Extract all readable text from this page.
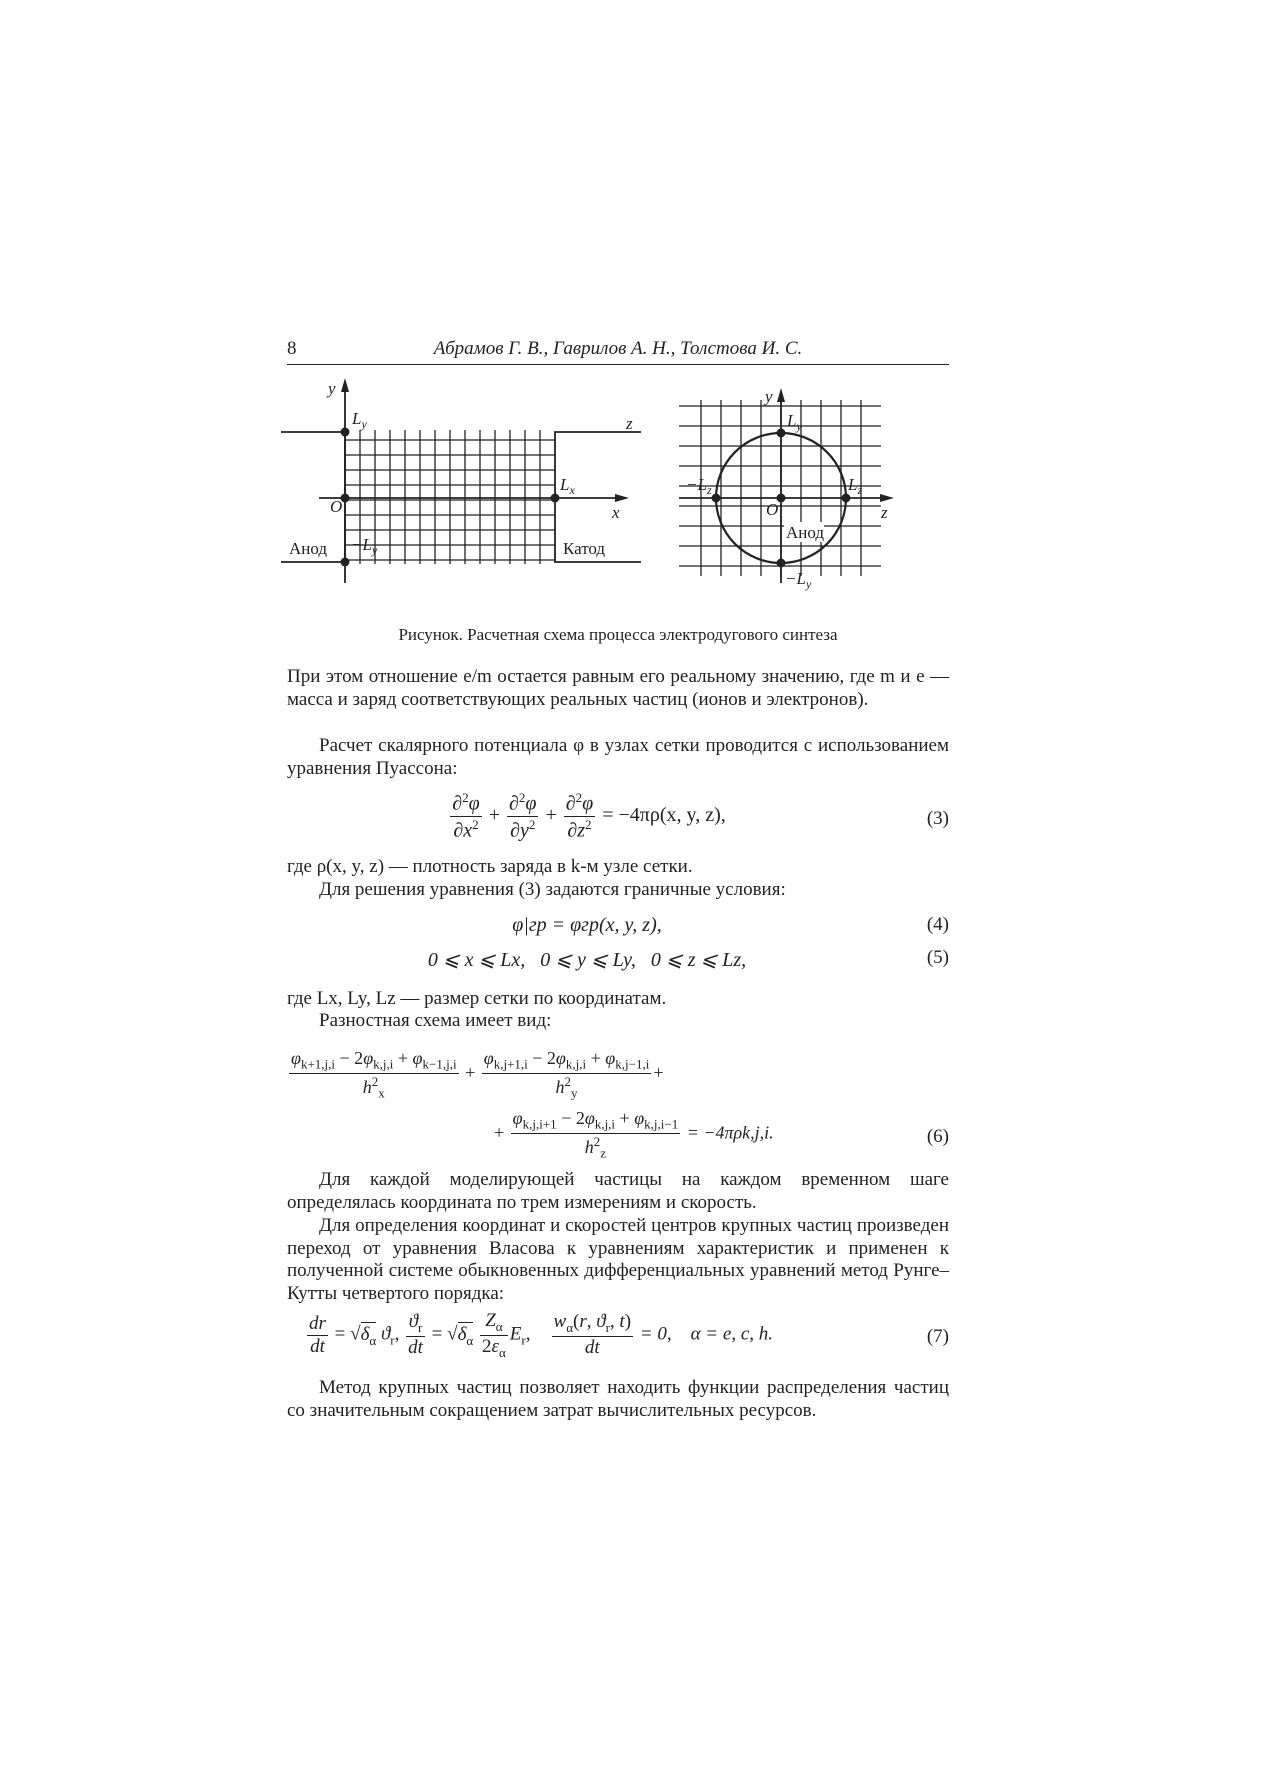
8	Абрамов Г. В., Гаврилов А. Н., Толстова И. С.
y
z
x
$L_y$
O
$-L_y$
$L_x$
Анод	Катод
y
z
$L_y$
$L_z$
$-L_z$
O
Анод
$-L_y$
Рисунок. Расчетная схема процесса электродугового синтеза
При этом отношение e/m остается равным его реальному значению, где m и e — масса и заряд соответствующих реальных частиц (ионов и электронов).
Расчет скалярного потенциала φ в узлах сетки проводится с использованием уравнения Пуассона:
$\frac{\partial^2\varphi}{\partial x^2} + \frac{\partial^2\varphi}{\partial y^2} + \frac{\partial^2\varphi}{\partial z^2} = -4\pi\rho(x$, y, z),	(3)
где ρ(x, y, z) — плотность заряда в k-м узле сетки.
Для решения уравнения (3) задаются граничные условия:
φ|гр = φгр(x, y, z),	(4)
0 ⩽ x ⩽ Lx,   0 ⩽ y ⩽ Ly,   0 ⩽ z ⩽ Lz,	(5)
где Lx, Ly, Lz — размер сетки по координатам.
Разностная схема имеет вид:
$\frac{\varphi_{k+1,j,i} - 2\varphi_{k,j,i} + \varphi_{k-1,j,i}}{h^2_x} + \frac{\varphi_{k,j+1,i} - 2\varphi_{k,j,i} + \varphi_{k,j-1,i}}{h^2_y}$ +
+ $\frac{\varphi_{k,j,i+1} - 2\varphi_{k,j,i} + \varphi_{k,j,i-1}}{h^2_z} = -4\pi\rho k,j,i$.	(6)
Для каждой моделирующей частицы на каждом временном шаге определялась координата по трем измерениям и скорость.
Для определения координат и скоростей центров крупных частиц произведен переход от уравнения Власова к уравнениям характеристик и применен к полученной системе обыкновенных дифференциальных уравнений метод Рунге–Кутты четвертого порядка:
$\frac{dr}{dt} = √\delta_\alpha$ $ϑ_r$, $\frac{ϑ_r}{dt} = √\delta_\alpha \frac{Z_\alpha}{2\varepsilon_\alpha} E_r$, $\frac{w_\alpha(r, ϑ_r, t)}{dt} = 0$,    α = e, c, h.	(7)
Метод крупных частиц позволяет находить функции распределения частиц со значительным сокращением затрат вычислительных ресурсов.
